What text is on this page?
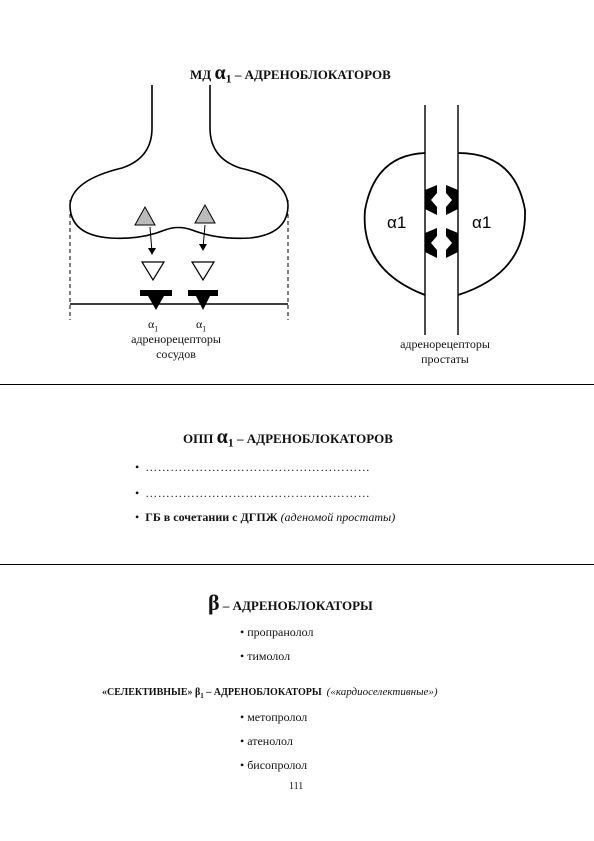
МД $\alpha_1$ – АДРЕНОБЛОКАТОРОВ
$\alpha_1$	$\alpha_1$
адренорецепторы
сосудов
α1	α1
адренорецепторы
простаты
ОПП $\alpha_1$ – АДРЕНОБЛОКАТОРОВ
• ………………………………………………
• ………………………………………………
• ГБ в сочетании с ДГПЖ (аденомой простаты)
β – АДРЕНОБЛОКАТОРЫ
• пропранолол
• тимолол
«СЕЛЕКТИВНЫЕ» $\beta_1$ – АДРЕНОБЛОКАТОРЫ («кардиоселективные»)
• метопролол
• атенолол
• бисопролол
111
